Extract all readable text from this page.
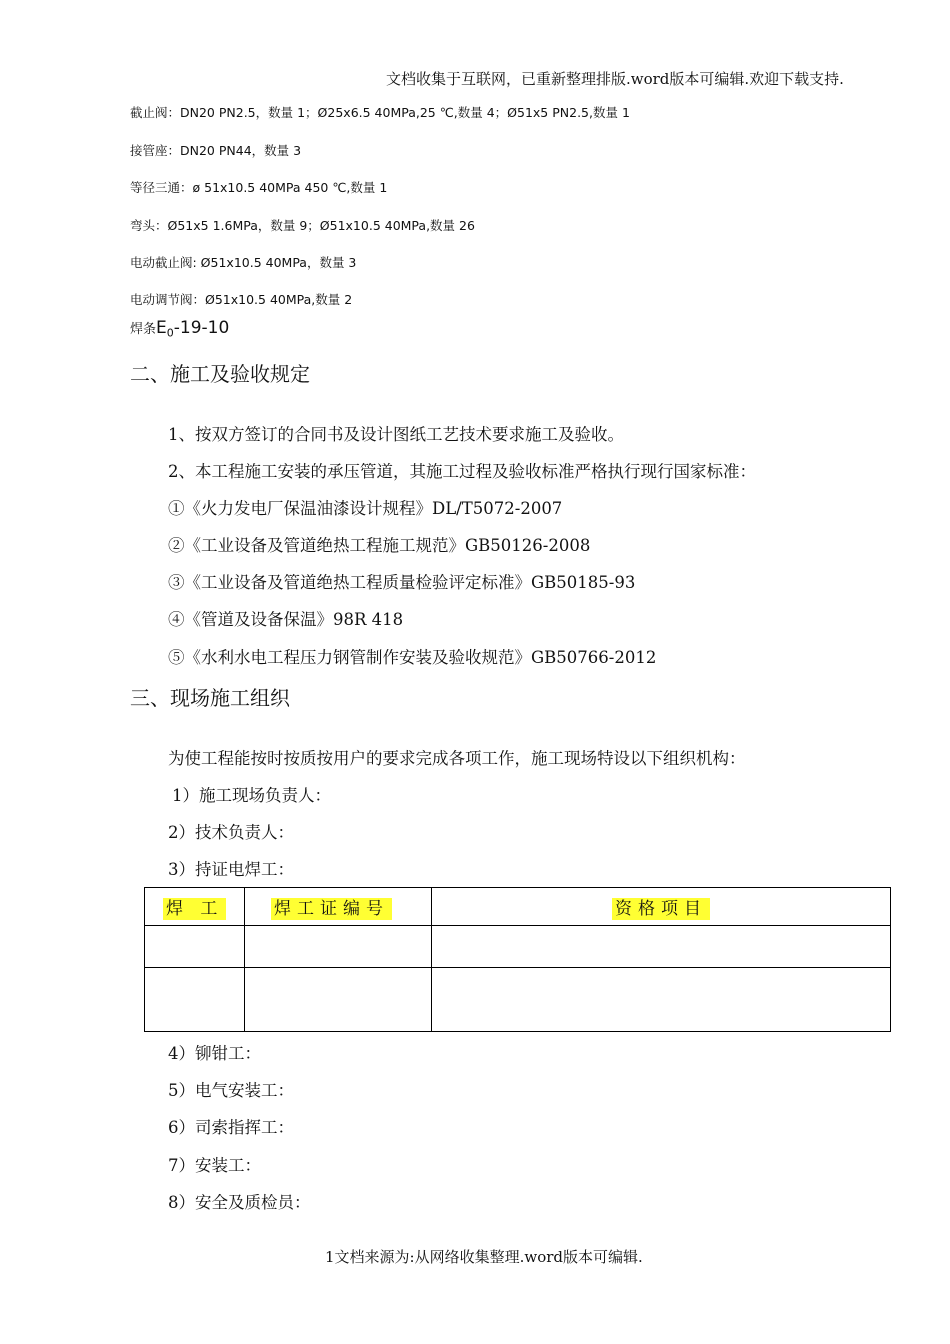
文档收集于互联网，已重新整理排版.word版本可编辑.欢迎下载支持.
截止阀：DN20 PN2.5，数量 1；Ø25x6.5 40MPa,25 ℃,数量 4；Ø51x5 PN2.5,数量 1
接管座：DN20 PN44，数量 3
等径三通：ø 51x10.5 40MPa 450 ℃,数量 1
弯头：Ø51x5 1.6MPa，数量 9；Ø51x10.5 40MPa,数量 26
电动截止阀: Ø51x10.5 40MPa，数量 3
电动调节阀：Ø51x10.5 40MPa,数量 2
焊条$E_0-19-10$
二、施工及验收规定
1、按双方签订的合同书及设计图纸工艺技术要求施工及验收。
2、本工程施工安装的承压管道，其施工过程及验收标准严格执行现行国家标准：
①《火力发电厂保温油漆设计规程》DL/T5072-2007
②《工业设备及管道绝热工程施工规范》GB50126-2008
③《工业设备及管道绝热工程质量检验评定标准》GB50185-93
④《管道及设备保温》98R 418
⑤《水利水电工程压力钢管制作安装及验收规范》GB50766-2012
三、现场施工组织
为使工程能按时按质按用户的要求完成各项工作，施工现场特设以下组织机构：
1）施工现场负责人：
2）技术负责人：
3）持证电焊工：
焊 工	焊工证编号	资格项目

4）铆钳工：
5）电气安装工：
6）司索指挥工：
7）安装工：
8）安全及质检员：
1文档来源为:从网络收集整理.word版本可编辑.
